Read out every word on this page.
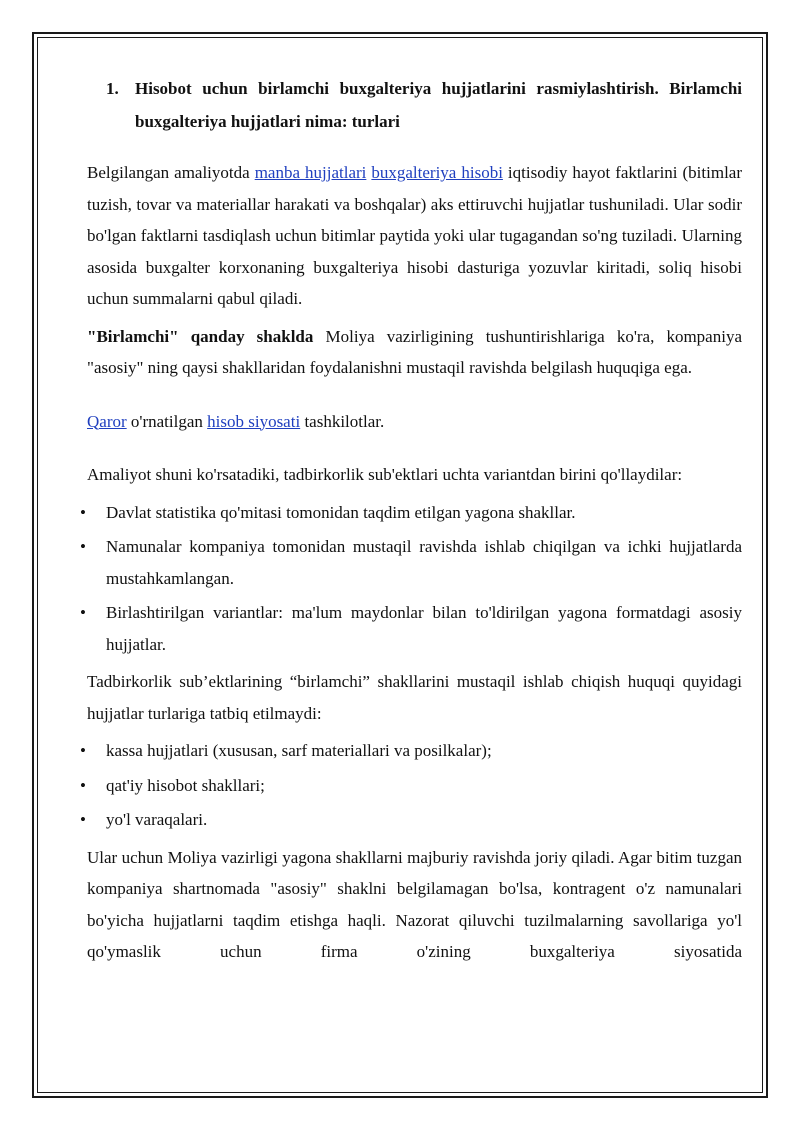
1. Hisobot uchun birlamchi buxgalteriya hujjatlarini rasmiylashtirish. Birlamchi buxgalteriya hujjatlari nima: turlari

Belgilangan amaliyotda manba hujjatlari buxgalteriya hisobi iqtisodiy hayot faktlarini (bitimlar tuzish, tovar va materiallar harakati va boshqalar) aks ettiruvchi hujjatlar tushuniladi. Ular sodir bo'lgan faktlarni tasdiqlash uchun bitimlar paytida yoki ular tugagandan so'ng tuziladi. Ularning asosida buxgalter korxonaning buxgalteriya hisobi dasturiga yozuvlar kiritadi, soliq hisobi uchun summalarni qabul qiladi.

"Birlamchi" qanday shaklda Moliya vazirligining tushuntirishlariga ko'ra, kompaniya "asosiy" ning qaysi shakllaridan foydalanishni mustaqil ravishda belgilash huquqiga ega.

Qaror o'rnatilgan hisob siyosati tashkilotlar.

Amaliyot shuni ko'rsatadiki, tadbirkorlik sub'ektlari uchta variantdan birini qo'llaydilar:

• Davlat statistika qo'mitasi tomonidan taqdim etilgan yagona shakllar.
• Namunalar kompaniya tomonidan mustaqil ravishda ishlab chiqilgan va ichki hujjatlarda mustahkamlangan.
• Birlashtirilgan variantlar: ma'lum maydonlar bilan to'ldirilgan yagona formatdagi asosiy hujjatlar.

Tadbirkorlik sub’ektlarining “birlamchi” shakllarini mustaqil ishlab chiqish huquqi quyidagi hujjatlar turlariga tatbiq etilmaydi:

• kassa hujjatlari (xususan, sarf materiallari va posilkalar);
• qat'iy hisobot shakllari;
• yo'l varaqalari.

Ular uchun Moliya vazirligi yagona shakllarni majburiy ravishda joriy qiladi. Agar bitim tuzgan kompaniya shartnomada "asosiy" shaklni belgilamagan bo'lsa, kontragent o'z namunalari bo'yicha hujjatlarni taqdim etishga haqli. Nazorat qiluvchi tuzilmalarning savollariga yo'l qo'ymaslik uchun firma o'zining buxgalteriya siyosatida
